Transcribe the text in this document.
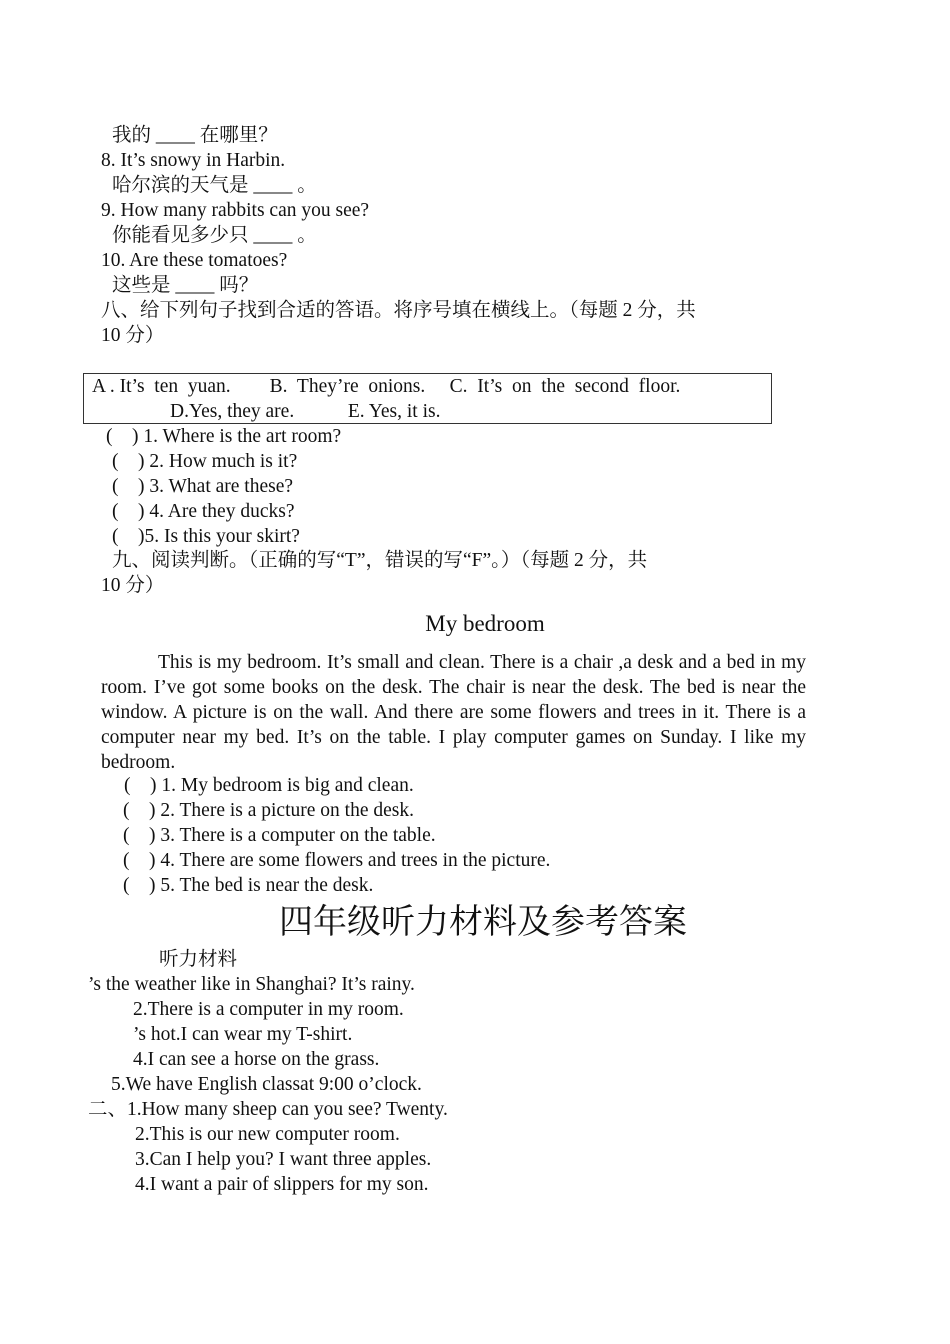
我的 ____ 在哪里？
8. It’s snowy in Harbin.
哈尔滨的天气是 ____ 。
9. How many rabbits can you see?
你能看见多少只 ____ 。
10. Are these tomatoes?
这些是 ____ 吗？
八、给下列句子找到合适的答语。将序号填在横线上。（每题 2 分，共
10 分）
A . It’s  ten  yuan.        B.  They’re  onions.     C.  It’s  on  the  second  floor.
D.Yes, they are.           E. Yes, it is.
(    ) 1. Where is the art room?
(    ) 2. How much is it?
(    ) 3. What are these?
(    ) 4. Are they ducks?
(    )5. Is this your skirt?
九、阅读判断。（正确的写“T”，错误的写“F”。）（每题 2 分，共
10 分）
My bedroom
This is my bedroom. It’s small and clean. There is a chair ,a desk and a bed in my room. I’ve got some books on the desk. The chair is near the desk. The bed is near the window. A picture is on the wall. And there are some flowers and trees in it. There is a computer near my bed. It’s on the table. I play computer games on Sunday. I like my bedroom.
(    ) 1. My bedroom is big and clean.
(    ) 2. There is a picture on the desk.
(    ) 3. There is a computer on the table.
(    ) 4. There are some flowers and trees in the picture.
(    ) 5. The bed is near the desk.
四年级听力材料及参考答案
听力材料
’s the weather like in Shanghai? It’s rainy.
2.There is a computer in my room.
’s hot.I can wear my T-shirt.
4.I can see a horse on the grass.
5.We have English classat 9:00 o’clock.
二、1.How many sheep can you see? Twenty.
2.This is our new computer room.
3.Can I help you? I want three apples.
4.I want a pair of slippers for my son.
